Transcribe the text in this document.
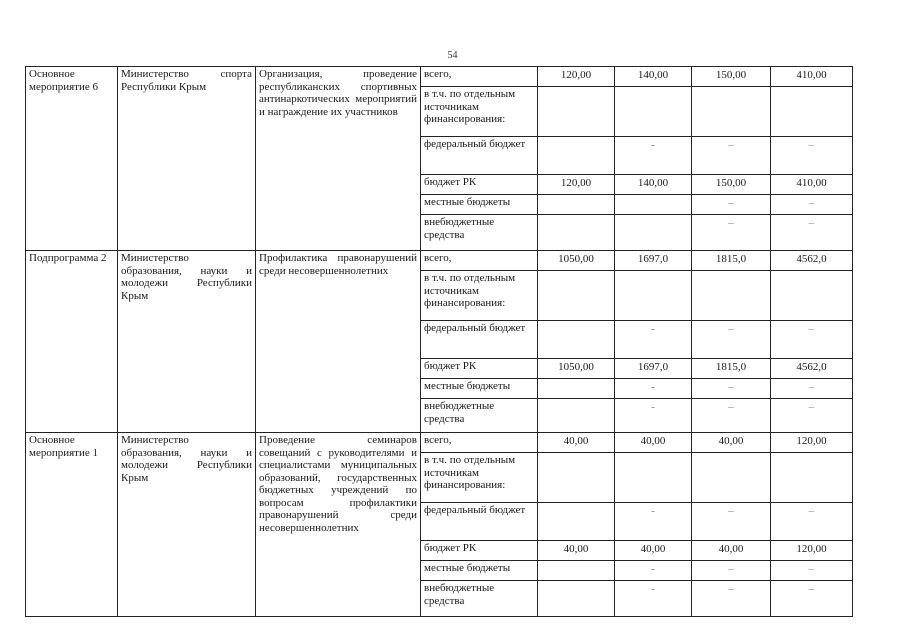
54
Основное мероприятие 6	Министерство спорта Республики Крым	Организация, проведение республиканских спортивных антинаркотических мероприятий и награждение их участников	всего,	120,00	140,00	150,00	410,00
			в т.ч. по отдельным источникам финансирования:				
			федеральный бюджет		-	–	–
			бюджет РК	120,00	140,00	150,00	410,00
			местные бюджеты			–	–
			внебюджетные средства			–	–
Подпрограмма 2	Министерство образования, науки и молодежи Республики Крым	Профилактика правонарушений среди несовершеннолетних	всего,	1050,00	1697,0	1815,0	4562,0
			в т.ч. по отдельным источникам финансирования:				
			федеральный бюджет		-	–	–
			бюджет РК	1050,00	1697,0	1815,0	4562,0
			местные бюджеты		-	–	–
			внебюджетные средства		-	–	–
Основное мероприятие 1	Министерство образования, науки и молодежи Республики Крым	Проведение семинаров совещаний с руководителями и специалистами муниципальных образований, государственных бюджетных учреждений по вопросам профилактики правонарушений среди несовершеннолетних	всего,	40,00	40,00	40,00	120,00
			в т.ч. по отдельным источникам финансирования:				
			федеральный бюджет		-	–	–
			бюджет РК	40,00	40,00	40,00	120,00
			местные бюджеты		-	–	–
			внебюджетные средства		-	–	–
